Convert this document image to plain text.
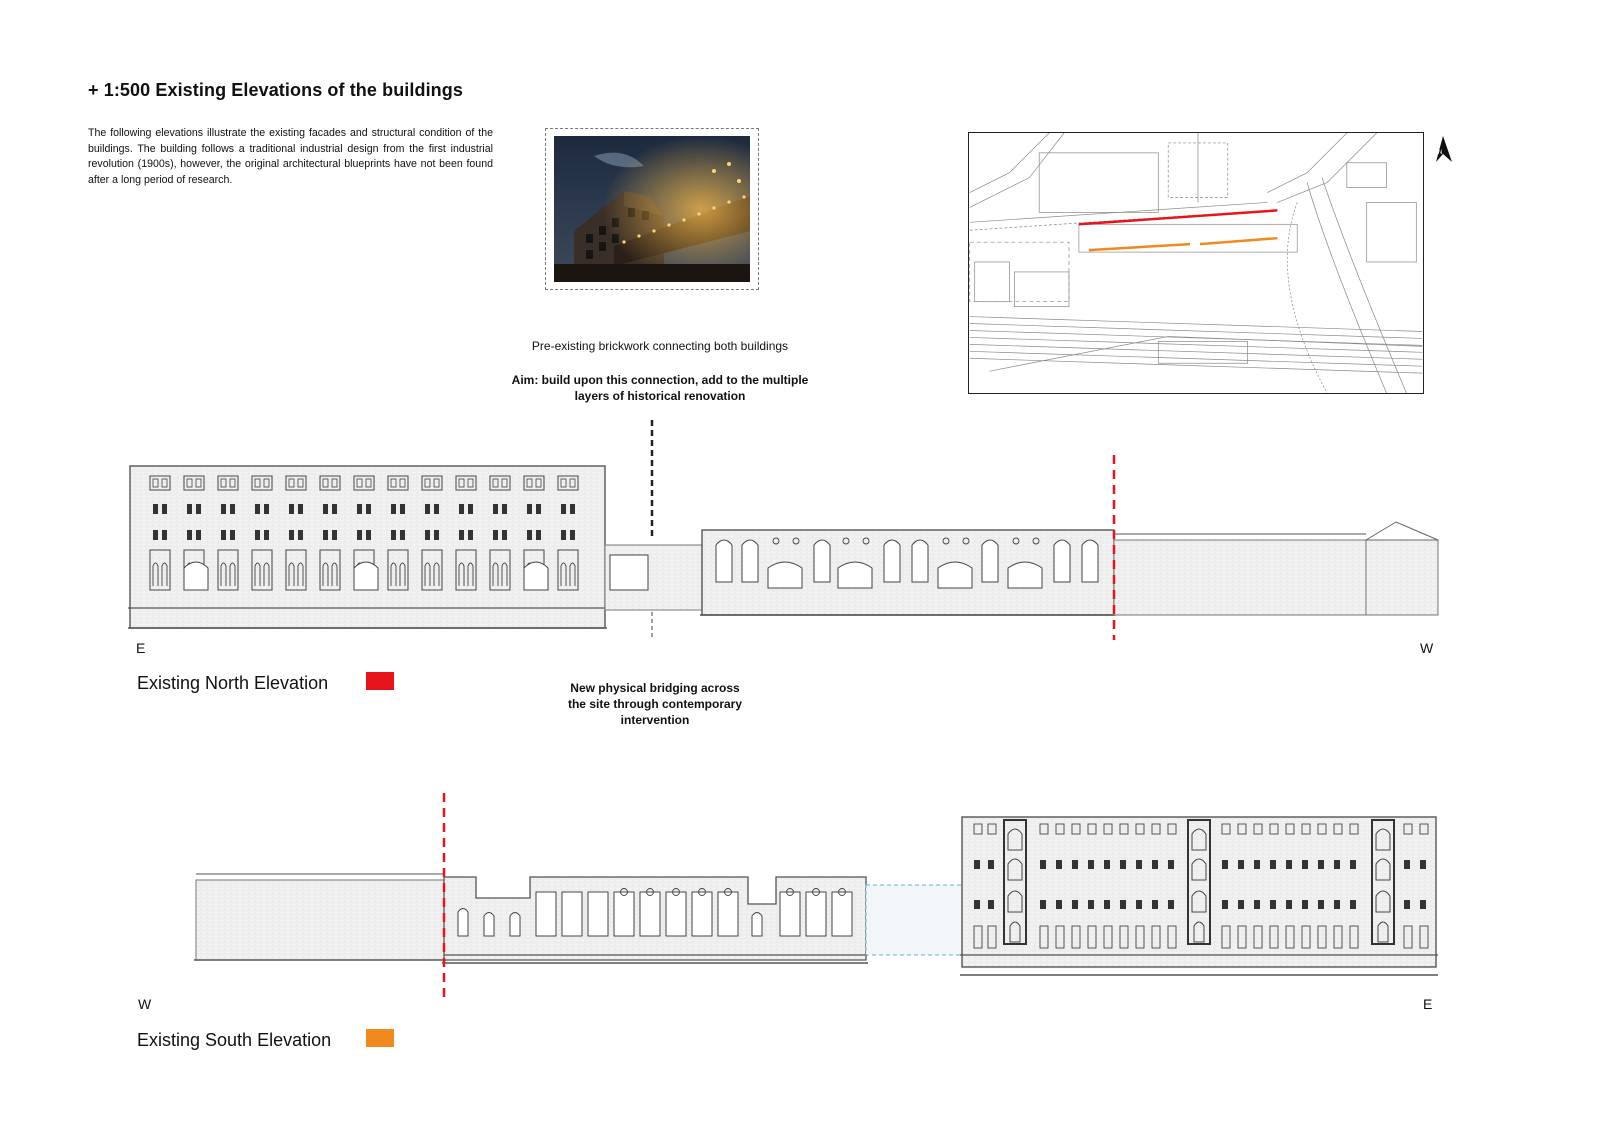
+ 1:500 Existing Elevations of the buildings
The following elevations illustrate the existing facades and structural condition of the buildings. The building follows a traditional industrial design from the first industrial revolution (1900s), however, the original architectural blueprints have not been found after a long period of research.
N
Pre-existing brickwork connecting both buildings
Aim: build upon this connection, add to the multiple layers of historical renovation
New physical bridging across the site through contemporary intervention
E	W
Existing North Elevation
W	E
Existing South Elevation
